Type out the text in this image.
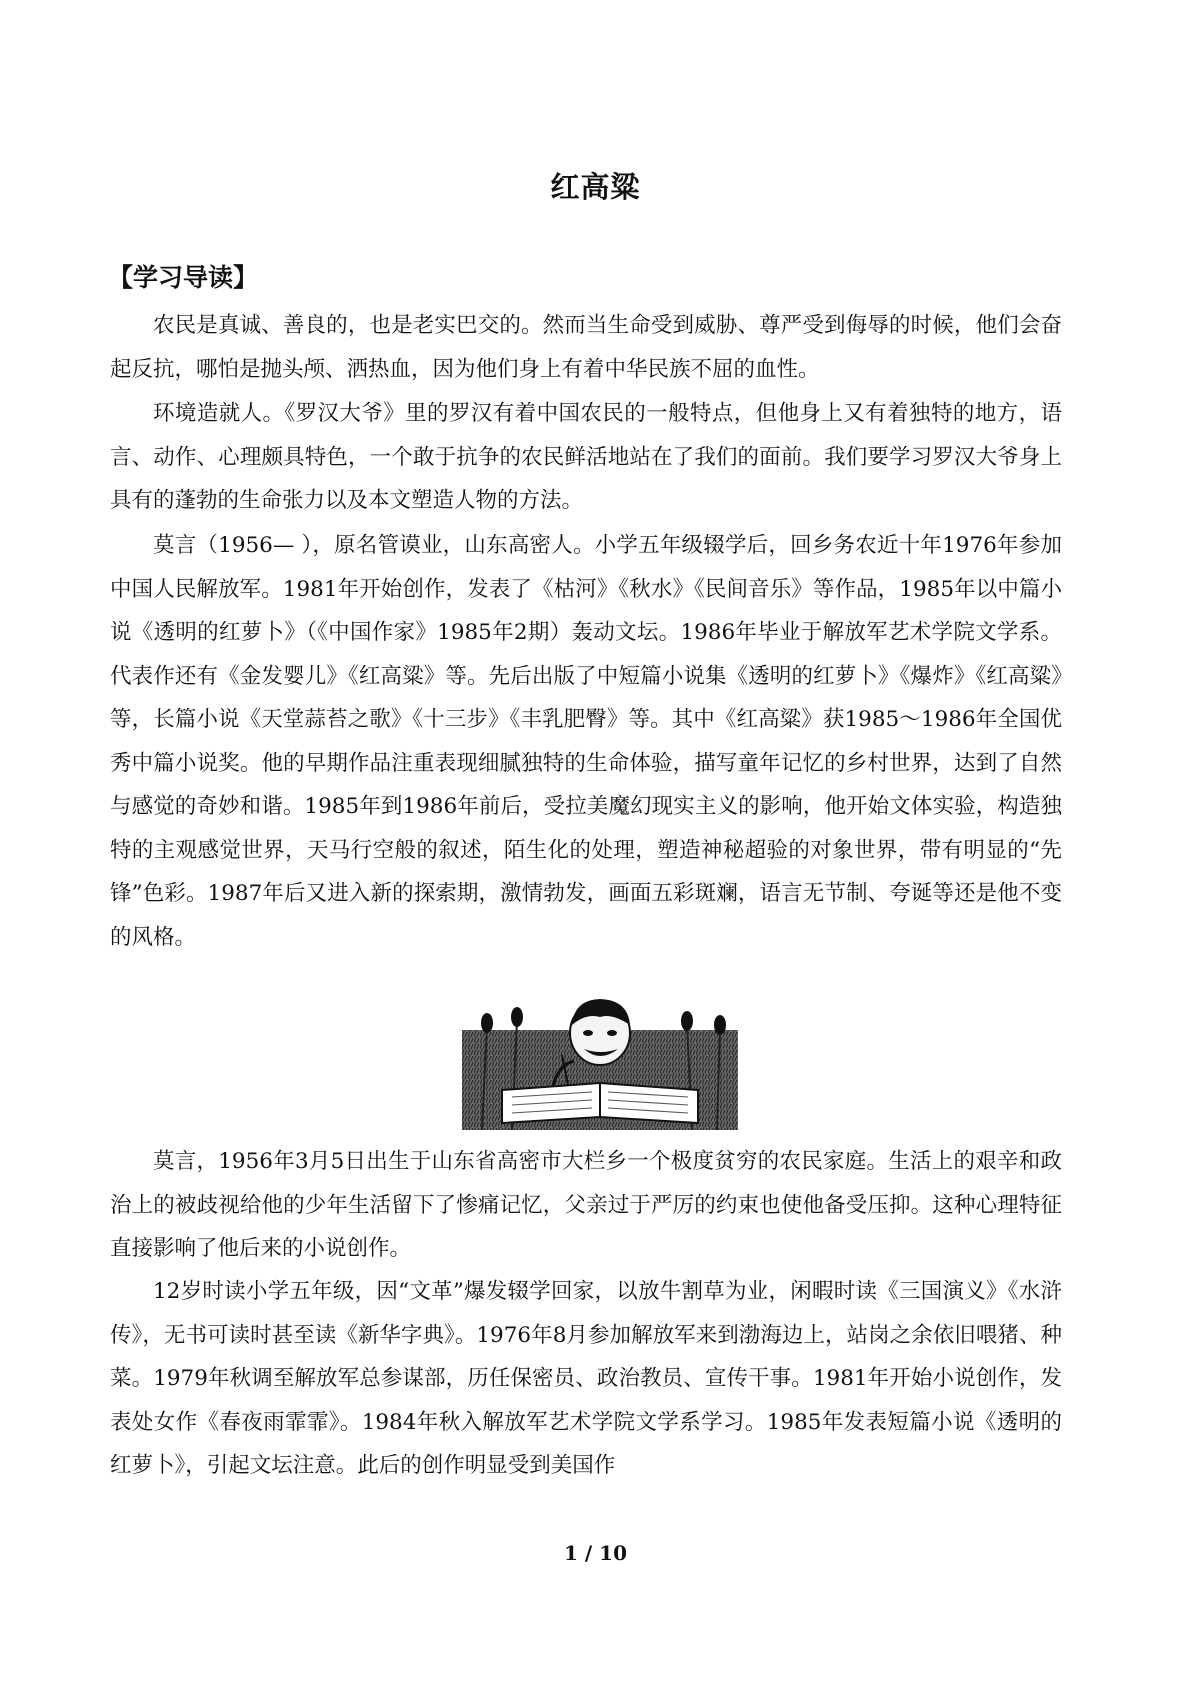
红高粱
【学习导读】

农民是真诚、善良的，也是老实巴交的。然而当生命受到威胁、尊严受到侮辱的时候，他们会奋起反抗，哪怕是抛头颅、洒热血，因为他们身上有着中华民族不屈的血性。

环境造就人。《罗汉大爷》里的罗汉有着中国农民的一般特点，但他身上又有着独特的地方，语言、动作、心理颇具特色，一个敢于抗争的农民鲜活地站在了我们的面前。我们要学习罗汉大爷身上具有的蓬勃的生命张力以及本文塑造人物的方法。

莫言（1956— ），原名管谟业，山东高密人。小学五年级辍学后，回乡务农近十年1976年参加中国人民解放军。1981年开始创作，发表了《枯河》《秋水》《民间音乐》等作品，1985年以中篇小说《透明的红萝卜》（《中国作家》1985年2期）轰动文坛。1986年毕业于解放军艺术学院文学系。代表作还有《金发婴儿》《红高粱》等。先后出版了中短篇小说集《透明的红萝卜》《爆炸》《红高粱》等，长篇小说《天堂蒜苔之歌》《十三步》《丰乳肥臀》等。其中《红高粱》获1985～1986年全国优秀中篇小说奖。他的早期作品注重表现细腻独特的生命体验，描写童年记忆的乡村世界，达到了自然与感觉的奇妙和谐。1985年到1986年前后，受拉美魔幻现实主义的影响，他开始文体实验，构造独特的主观感觉世界，天马行空般的叙述，陌生化的处理，塑造神秘超验的对象世界，带有明显的“先锋”色彩。1987年后又进入新的探索期，激情勃发，画面五彩斑斓，语言无节制、夸诞等还是他不变的风格。

莫言，1956年3月5日出生于山东省高密市大栏乡一个极度贫穷的农民家庭。生活上的艰辛和政治上的被歧视给他的少年生活留下了惨痛记忆，父亲过于严厉的约束也使他备受压抑。这种心理特征直接影响了他后来的小说创作。

12岁时读小学五年级，因“文革”爆发辍学回家，以放牛割草为业，闲暇时读《三国演义》《水浒传》，无书可读时甚至读《新华字典》。1976年8月参加解放军来到渤海边上，站岗之余依旧喂猪、种菜。1979年秋调至解放军总参谋部，历任保密员、政治教员、宣传干事。1981年开始小说创作，发表处女作《春夜雨霏霏》。1984年秋入解放军艺术学院文学系学习。1985年发表短篇小说《透明的红萝卜》，引起文坛注意。此后的创作明显受到美国作

1 / 10
